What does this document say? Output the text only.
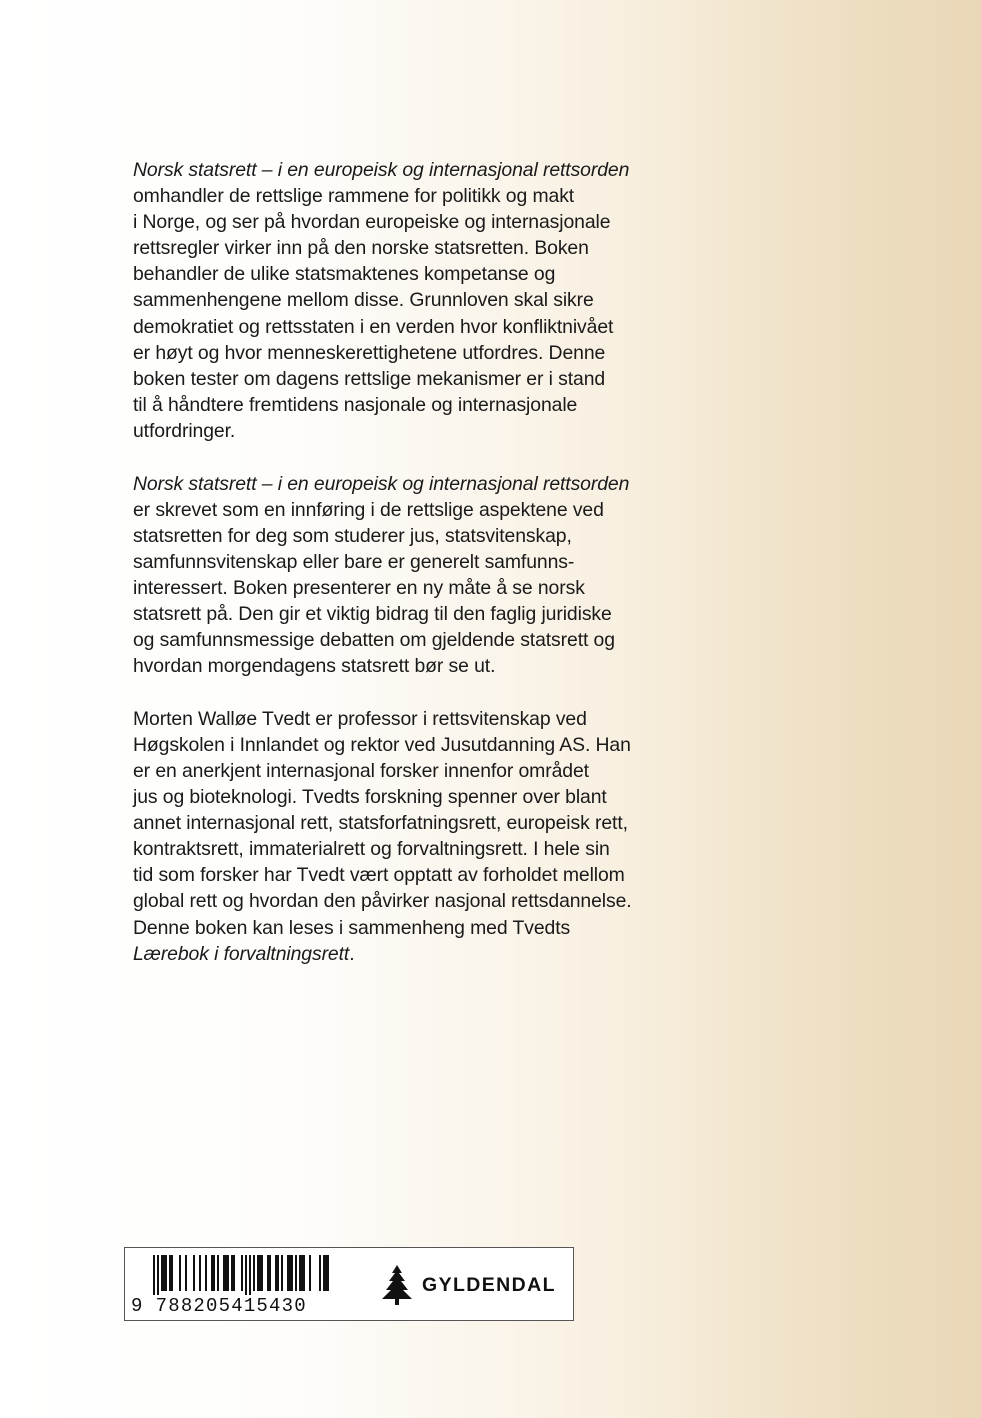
Norsk statsrett – i en europeisk og internasjonal rettsorden
omhandler de rettslige rammene for politikk og makt
i Norge, og ser på hvordan europeiske og internasjonale
rettsregler virker inn på den norske statsretten. Boken
behandler de ulike statsmaktenes kompetanse og
sammenhengene mellom disse. Grunnloven skal sikre
demokratiet og rettsstaten i en verden hvor konfliktnivået
er høyt og hvor menneskerettighetene utfordres. Denne
boken tester om dagens rettslige mekanismer er i stand
til å håndtere fremtidens nasjonale og internasjonale
utfordringer.
Norsk statsrett – i en europeisk og internasjonal rettsorden
er skrevet som en innføring i de rettslige aspektene ved
statsretten for deg som studerer jus, statsvitenskap,
samfunnsvitenskap eller bare er generelt samfunns-
interessert. Boken presenterer en ny måte å se norsk
statsrett på. Den gir et viktig bidrag til den faglig juridiske
og samfunnsmessige debatten om gjeldende statsrett og
hvordan morgendagens statsrett bør se ut.
Morten Walløe Tvedt er professor i rettsvitenskap ved
Høgskolen i Innlandet og rektor ved Jusutdanning AS. Han
er en anerkjent internasjonal forsker innenfor området
jus og bioteknologi. Tvedts forskning spenner over blant
annet internasjonal rett, statsforfatningsrett, europeisk rett,
kontraktsrett, immaterialrett og forvaltningsrett. I hele sin
tid som forsker har Tvedt vært opptatt av forholdet mellom
global rett og hvordan den påvirker nasjonal rettsdannelse.
Denne boken kan leses i sammenheng med Tvedts
Lærebok i forvaltningsrett.
9 788205415430
GYLDENDAL
